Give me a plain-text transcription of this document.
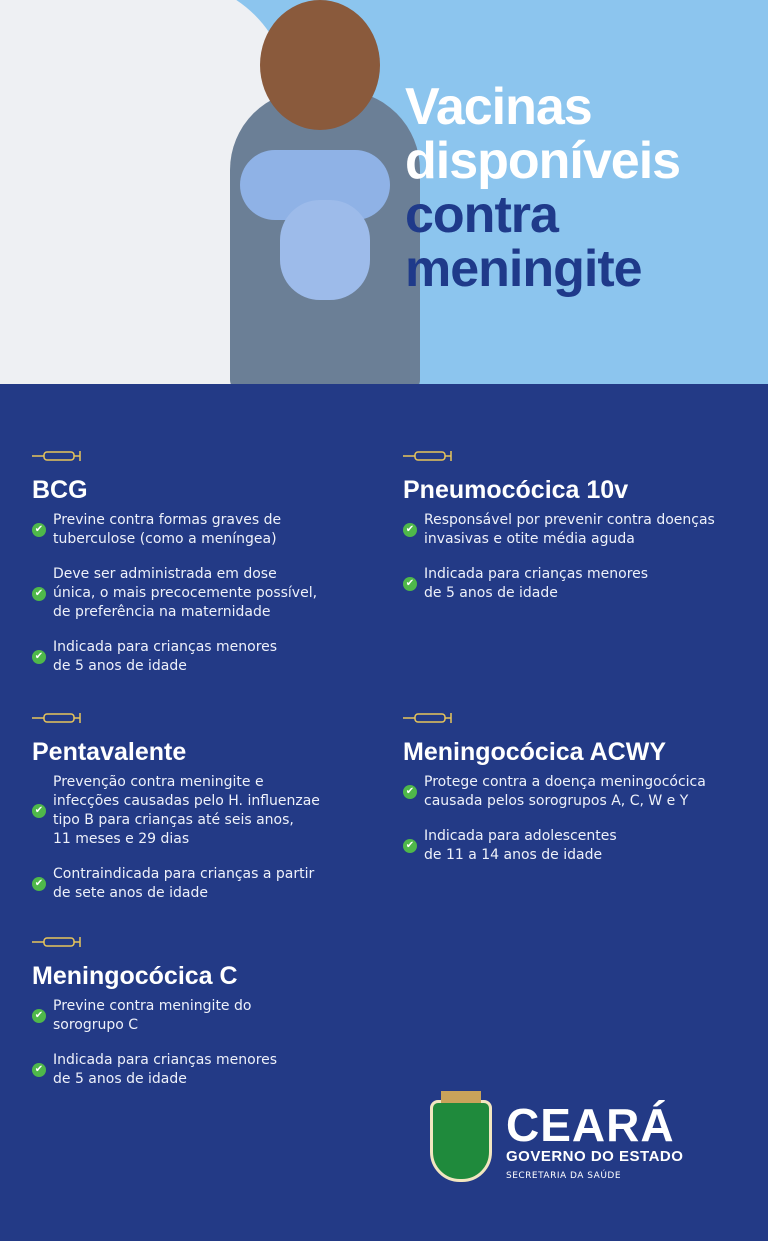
Vacinas
disponíveis
contra
meningite
BCG
✔
Previne contra formas graves de
tuberculose (como a meníngea)
✔
Deve ser administrada em dose
única, o mais precocemente possível,
de preferência na maternidade
✔
Indicada para crianças menores
de 5 anos de idade
Pneumocócica 10v
✔
Responsável por prevenir contra doenças
invasivas e otite média aguda
✔
Indicada para crianças menores
de 5 anos de idade
Pentavalente
✔
Prevenção contra meningite e
infecções causadas pelo H. influenzae
tipo B para crianças até seis anos,
11 meses e 29 dias
✔
Contraindicada para crianças a partir
de sete anos de idade
Meningocócica ACWY
✔
Protege contra a doença meningocócica
causada pelos sorogrupos A, C, W e Y
✔
Indicada para adolescentes
de 11 a 14 anos de idade
Meningocócica C
✔
Previne contra meningite do
sorogrupo C
✔
Indicada para crianças menores
de 5 anos de idade
CEARÁ
GOVERNO DO ESTADO
SECRETARIA DA SAÚDE
